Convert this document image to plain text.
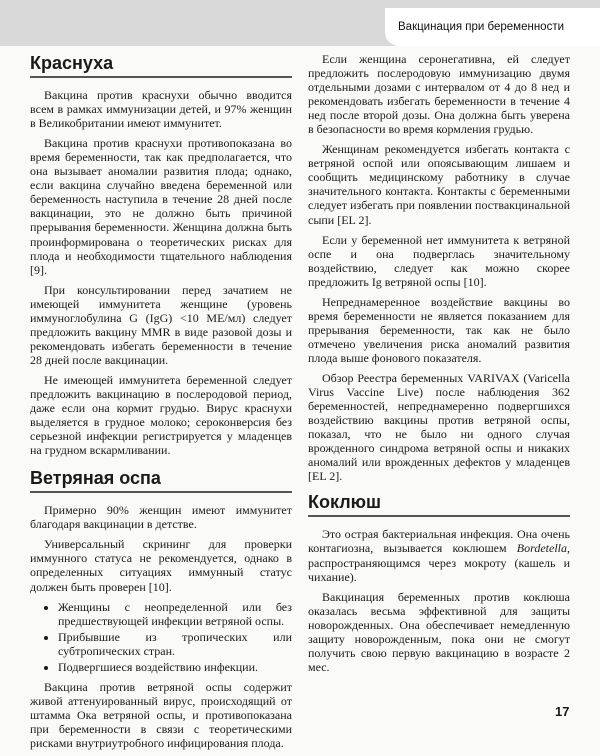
Вакцинация при беременности
Краснуха

Вакцина против краснухи обычно вводится всем в рамках иммунизации детей, и 97% женщин в Великобритании имеют иммунитет.

Вакцина против краснухи противопоказана во время беременности, так как предполагается, что она вызывает аномалии развития плода; однако, если вакцина случайно введена беременной или беременность наступила в течение 28 дней после вакцинации, это не должно быть причиной прерывания беременности. Женщина должна быть проинформирована о теоретических рисках для плода и необходимости тщательного наблюдения [9].

При консультировании перед зачатием не имеющей иммунитета женщине (уровень иммуноглобулина G (IgG) <10 МЕ/мл) следует предложить вакцину MMR в виде разовой дозы и рекомендовать избегать беременности в течение 28 дней после вакцинации.

Не имеющей иммунитета беременной следует предложить вакцинацию в послеродовой период, даже если она кормит грудью. Вирус краснухи выделяется в грудное молоко; сероконверсия без серьезной инфекции регистрируется у младенцев на грудном вскармливании.

Ветряная оспа

Примерно 90% женщин имеют иммунитет благодаря вакцинации в детстве.

Универсальный скрининг для проверки иммунного статуса не рекомендуется, однако в определенных ситуациях иммунный статус должен быть проверен [10].

• Женщины с неопределенной или без предшествующей инфекции ветряной оспы.
• Прибывшие из тропических или субтропических стран.
• Подвергшиеся воздействию инфекции.

Вакцина против ветряной оспы содержит живой аттенуированный вирус, происходящий от штамма Ока ветряной оспы, и противопоказана при беременности в связи с теоретическими рисками внутриутробного инфицирования плода.

Если женщина серонегативна, ей следует предложить послеродовую иммунизацию двумя отдельными дозами с интервалом от 4 до 8 нед и рекомендовать избегать беременности в течение 4 нед после второй дозы. Она должна быть уверена в безопасности во время кормления грудью.

Женщинам рекомендуется избегать контакта с ветряной оспой или опоясывающим лишаем и сообщить медицинскому работнику в случае значительного контакта. Контакты с беременными следует избегать при появлении поствакцинальной сыпи [EL 2].

Если у беременной нет иммунитета к ветряной оспе и она подверглась значительному воздействию, следует как можно скорее предложить Ig ветряной оспы [10].

Непреднамеренное воздействие вакцины во время беременности не является показанием для прерывания беременности, так как не было отмечено увеличения риска аномалий развития плода выше фонового показателя.

Обзор Реестра беременных VARIVAX (Varicella Virus Vaccine Live) после наблюдения 362 беременностей, непреднамеренно подвергшихся воздействию вакцины против ветряной оспы, показал, что не было ни одного случая врожденного синдрома ветряной оспы и никаких аномалий или врожденных дефектов у младенцев [EL 2].

Коклюш

Это острая бактериальная инфекция. Она очень контагиозна, вызывается коклюшем Bordetella, распространяющимся через мокроту (кашель и чихание).

Вакцинация беременных против коклюша оказалась весьма эффективной для защиты новорожденных. Она обеспечивает немедленную защиту новорожденным, пока они не смогут получить свою первую вакцинацию в возрасте 2 мес.

17
